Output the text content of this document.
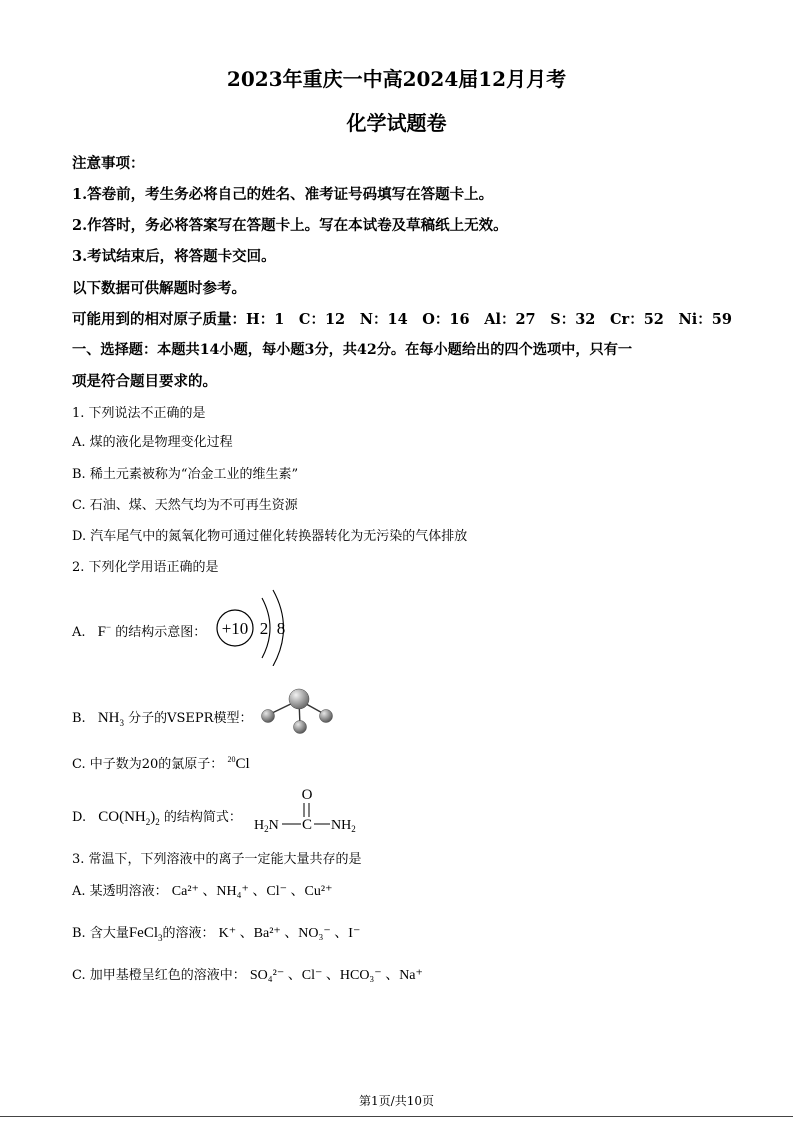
2023年重庆一中高2024届12月月考
化学试题卷
注意事项：
1.答卷前，考生务必将自己的姓名、准考证号码填写在答题卡上。
2.作答时，务必将答案写在答题卡上。写在本试卷及草稿纸上无效。
3.考试结束后，将答题卡交回。
以下数据可供解题时参考。
可能用到的相对原子质量： H：1 C：12 N：14 O：16 Al：27 S：32 Cr：52 Ni：59
一、选择题：本题共14小题，每小题3分，共42分。在每小题给出的四个选项中，只有一
项是符合题目要求的。
1. 下列说法不正确的是
A. 煤的液化是物理变化过程
B. 稀土元素被称为“冶金工业的维生素”
C. 石油、煤、天然气均为不可再生资源
D. 汽车尾气中的氮氧化物可通过催化转换器转化为无污染的气体排放
2. 下列化学用语正确的是
A. F− 的结构示意图： +10 2 8
B. $NH_3$ 分子的VSEPR模型：
C. 中子数为20的氯原子： $^{20}$Cl
D. $CO(NH_2)_2$ 的结构简式：
O
$H_2N$ C $NH_2$
3. 常温下，下列溶液中的离子一定能大量共存的是
A. 某透明溶液： Ca²⁺ 、NH₄⁺ 、Cl⁻ 、Cu²⁺
B. 含大量FeCl$_3$的溶液： K⁺ 、Ba²⁺ 、NO₃⁻ 、I⁻
C. 加甲基橙呈红色的溶液中： SO₄²⁻ 、Cl⁻ 、HCO₃⁻ 、Na⁺
第1页/共10页
